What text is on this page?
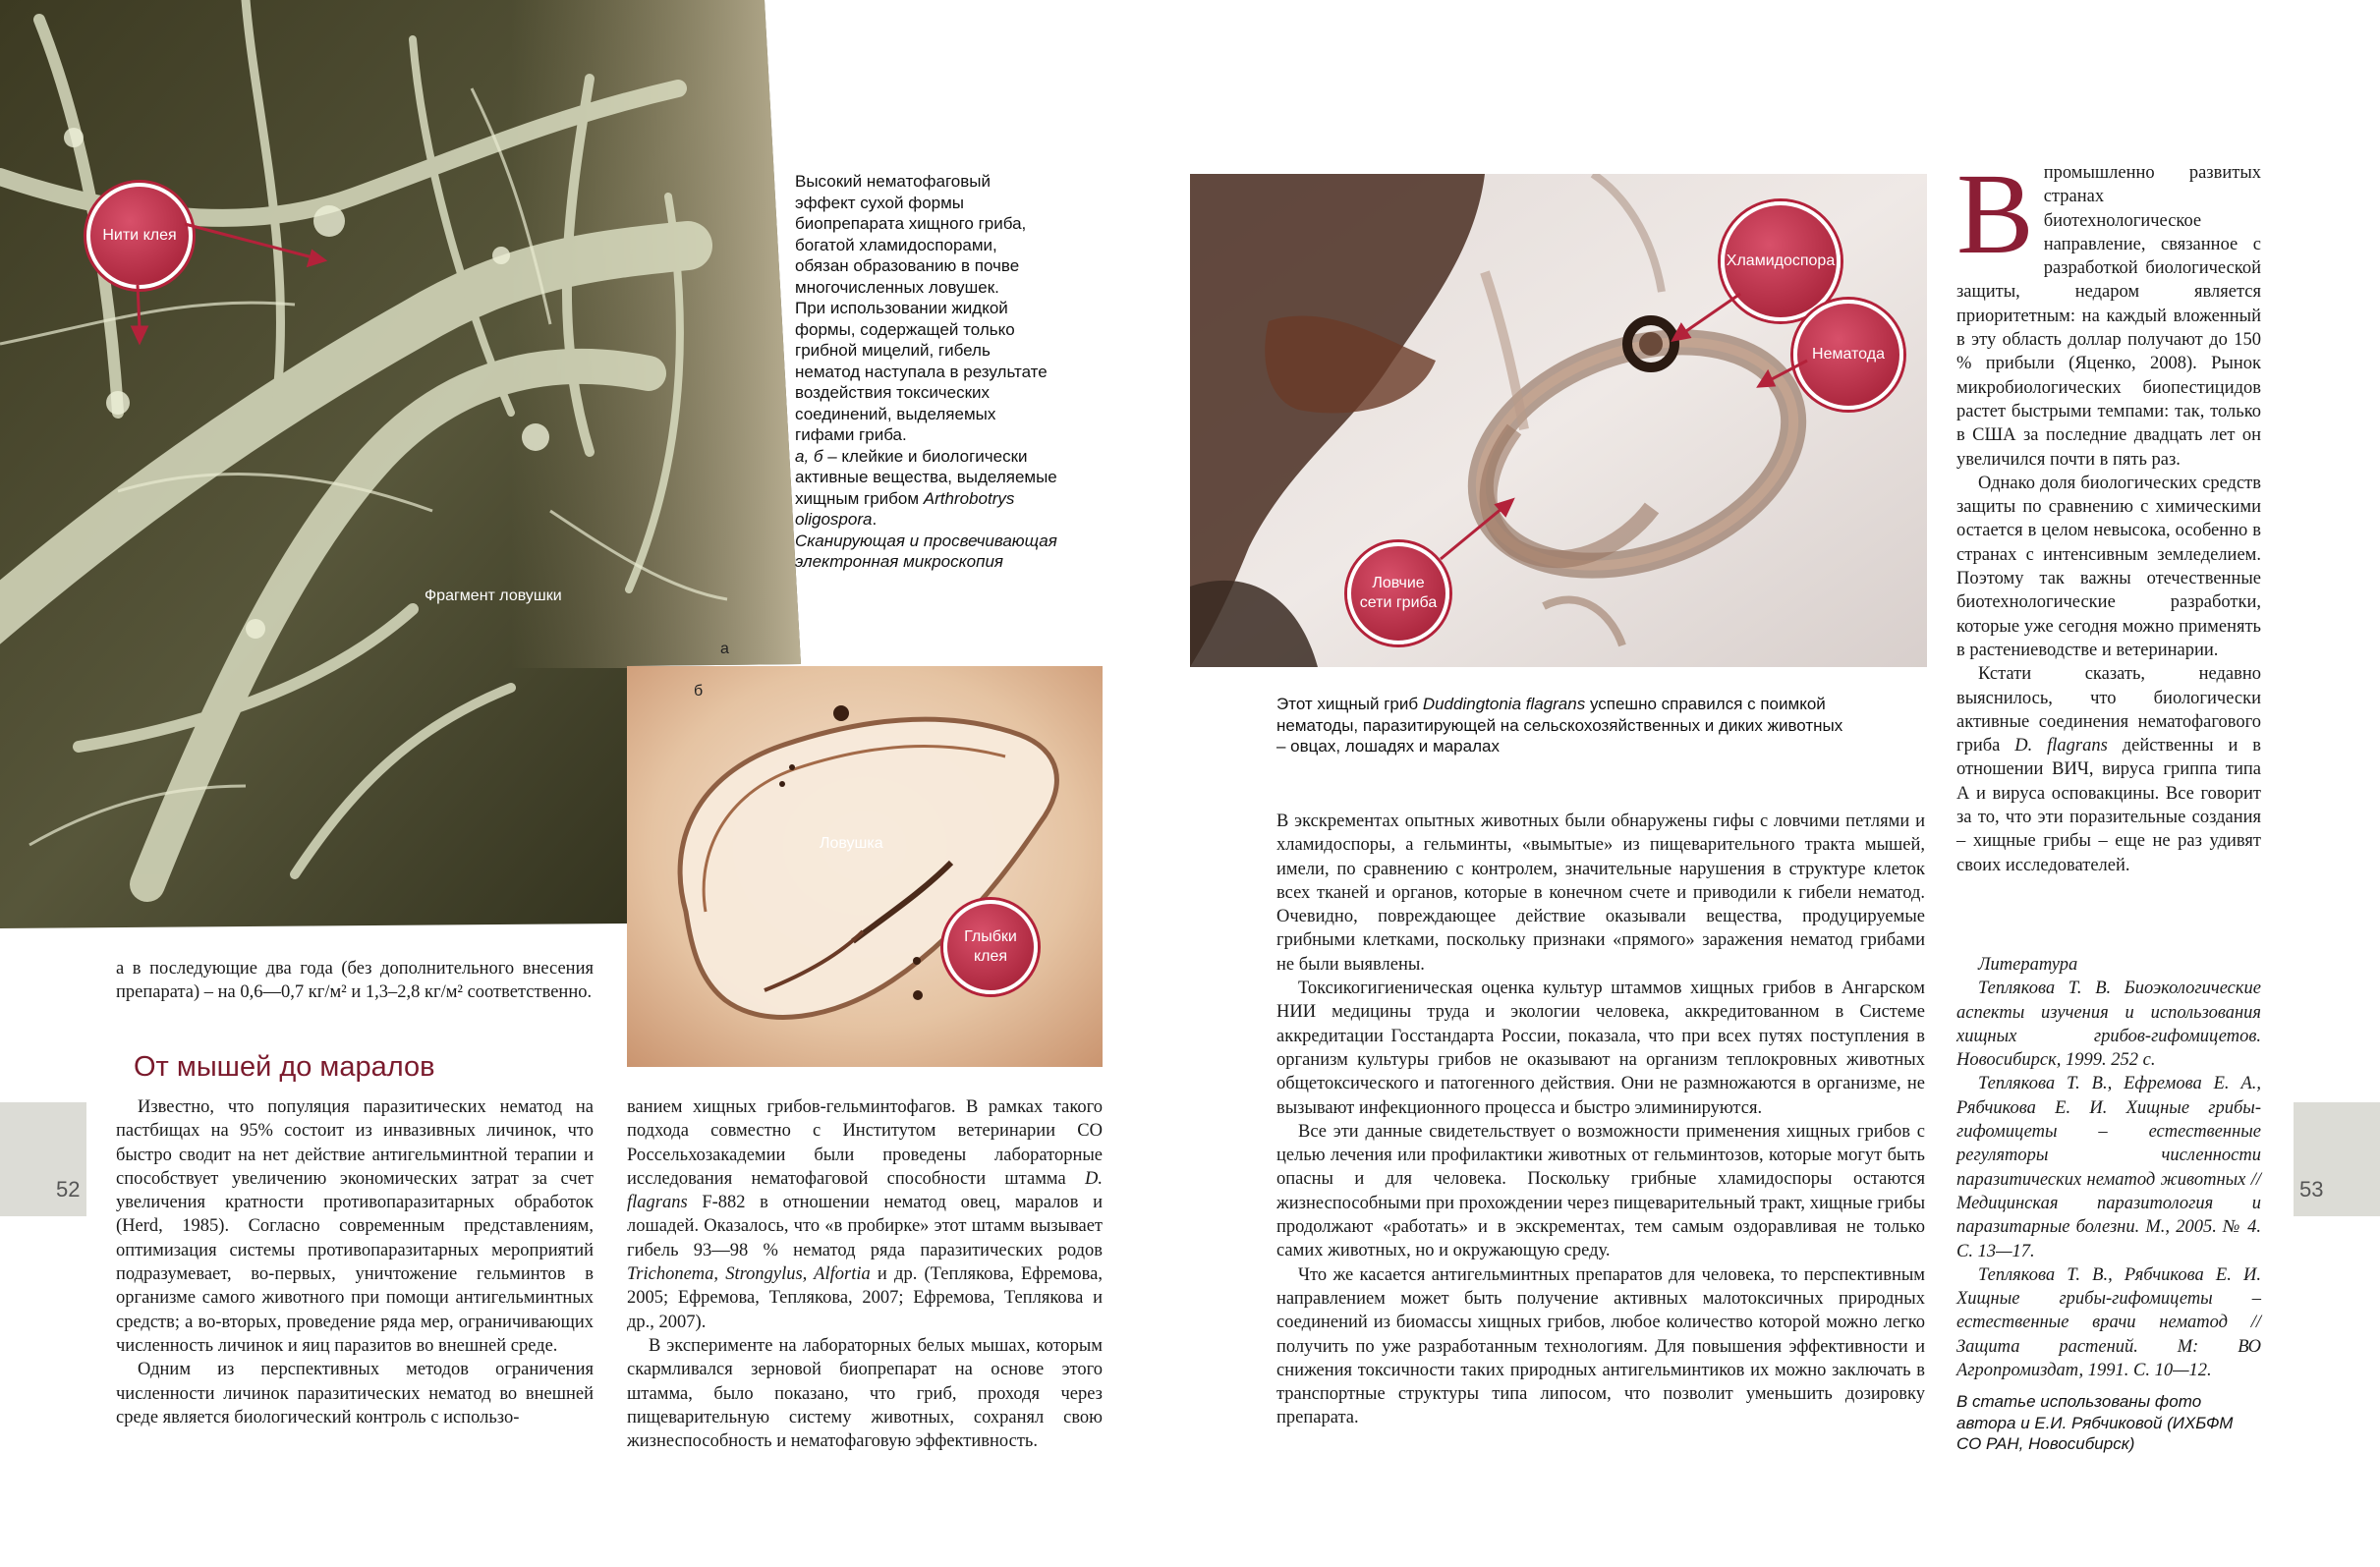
Нити клея
Фрагмент ловушки
а

Высокий нематофаговый

эффект сухой формы

биопрепарата хищного гриба,

богатой хламидоспорами,

обязан образованию в почве

многочисленных ловушек.

При использовании жидкой

формы, содержащей только

грибной мицелий, гибель

нематод наступала в результате

воздействия токсических

соединений, выделяемых

гифами гриба.

а, б – клейкие и биологически

активные вещества, выделяемые

хищным грибом Arthrobotrys

oligospora.

Сканирующая и просвечивающая

электронная микроскопия

б
Ловушка
Глыбки клея

а в последующие два года (без дополнительного внесения препарата) – на 0,6—0,7 кг/м² и 1,3–2,8 кг/м² соответственно.

От мышей до маралов

Известно, что популяция паразитических нематод на пастбищах на 95% состоит из инвазивных личинок, что быстро сводит на нет действие антигельминтной терапии и способствует увеличению экономических затрат за счет увеличения кратности противопаразитарных обработок (Herd, 1985). Согласно современным представлениям, оптимизация системы противопаразитарных мероприятий подразумевает, во-первых, уничтожение гельминтов в организме самого животного при помощи антигельминтных средств; а во-вторых, проведение ряда мер, ограничивающих численность личинок и яиц паразитов во внешней среде.

Одним из перспективных методов ограничения численности личинок паразитических нематод во внешней среде является биологический контроль с использо-

ванием хищных грибов-гельминтофагов. В рамках такого подхода совместно с Институтом ветеринарии СО Россельхозакадемии были проведены лабораторные исследования нематофаговой способности штамма D. flagrans F-882 в отношении нематод овец, маралов и лошадей. Оказалось, что «в пробирке» этот штамм вызывает гибель 93—98 % нематод ряда паразитических родов Trichonema, Strongylus, Alfortia и др. (Теплякова, Ефремова, 2005; Ефремова, Теплякова, 2007; Ефремова, Теплякова и др., 2007).

В эксперименте на лабораторных белых мышах, которым скармливался зерновой биопрепарат на основе этого штамма, было показано, что гриб, проходя через пищеварительную систему животных, сохранял свою жизнеспособность и нематофаговую эффективность.

52
Хламидоспора
Нематода
Ловчие сети гриба

Этот хищный гриб Duddingtonia flagrans успешно справился с поимкой нематоды, паразитирующей на сельскохозяйственных и диких животных – овцах, лошадях и маралах

В экскрементах опытных животных были обнаружены гифы с ловчими петлями и хламидоспоры, а гельминты, «вымытые» из пищеварительного тракта мышей, имели, по сравнению с контролем, значительные нарушения в структуре клеток всех тканей и органов, которые в конечном счете и приводили к гибели нематод. Очевидно, повреждающее действие оказывали вещества, продуцируемые грибными клетками, поскольку признаки «прямого» заражения нематод грибами не были выявлены.

Токсикогигиеническая оценка культур штаммов хищных грибов в Ангарском НИИ медицины труда и экологии человека, аккредитованном в Системе аккредитации Госстандарта России, показала, что при всех путях поступления в организм культуры грибов не оказывают на организм теплокровных животных общетоксического и патогенного действия. Они не размножаются в организме, не вызывают инфекционного процесса и быстро элиминируются.

Все эти данные свидетельствует о возможности применения хищных грибов с целью лечения или профилактики животных от гельминтозов, которые могут быть опасны и для человека. Поскольку грибные хламидоспоры остаются жизнеспособными при прохождении через пищеварительный тракт, хищные грибы продолжают «работать» и в экскрементах, тем самым оздоравливая не только самих животных, но и окружающую среду.

Что же касается антигельминтных препаратов для человека, то перспективным направлением может быть получение активных малотоксичных природных соединений из биомассы хищных грибов, любое количество которой можно легко получить по уже разработанным технологиям. Для повышения эффективности и снижения токсичности таких природных антигельминтиков их можно заключать в транспортные структуры типа липосом, что позволит уменьшить дозировку препарата.

Впромышленно развитых странах биотехнологическое направление, связанное с разработкой биологической защиты, недаром является приоритетным: на каждый вложенный в эту область доллар получают до 150 % прибыли (Яценко, 2008). Рынок микробиологических биопестицидов растет быстрыми темпами: так, только в США за последние двадцать лет он увеличился почти в пять раз.

Однако доля биологических средств защиты по сравнению с химическими остается в целом невысока, особенно в странах с интенсивным земледелием. Поэтому так важны отечественные биотехнологические разработки, которые уже сегодня можно применять в растениеводстве и ветеринарии.

Кстати сказать, недавно выяснилось, что биологически активные соединения нематофагового гриба D. flagrans действенны и в отношении ВИЧ, вируса гриппа типа А и вируса осповакцины. Все говорит за то, что эти поразительные создания – хищные грибы – еще не раз удивят своих исследователей.

Литература

Теплякова Т. В. Биоэкологические аспекты изучения и использования хищных грибов-гифомицетов. Новосибирск, 1999. 252 с.

Теплякова Т. В., Ефремова Е. А., Рябчикова Е. И. Хищные грибы-гифомицеты – естественные регуляторы численности паразитических нематод животных // Медицинская паразитология и паразитарные болезни. М., 2005. № 4. С. 13—17.

Теплякова Т. В., Рябчикова Е. И. Хищные грибы-гифомицеты – естественные врачи нематод // Защита растений. М: ВО Агропромиздат, 1991. С. 10—12.

В статье использованы фото автора и Е.И. Рябчиковой (ИХБФМ СО РАН, Новосибирск)
53
